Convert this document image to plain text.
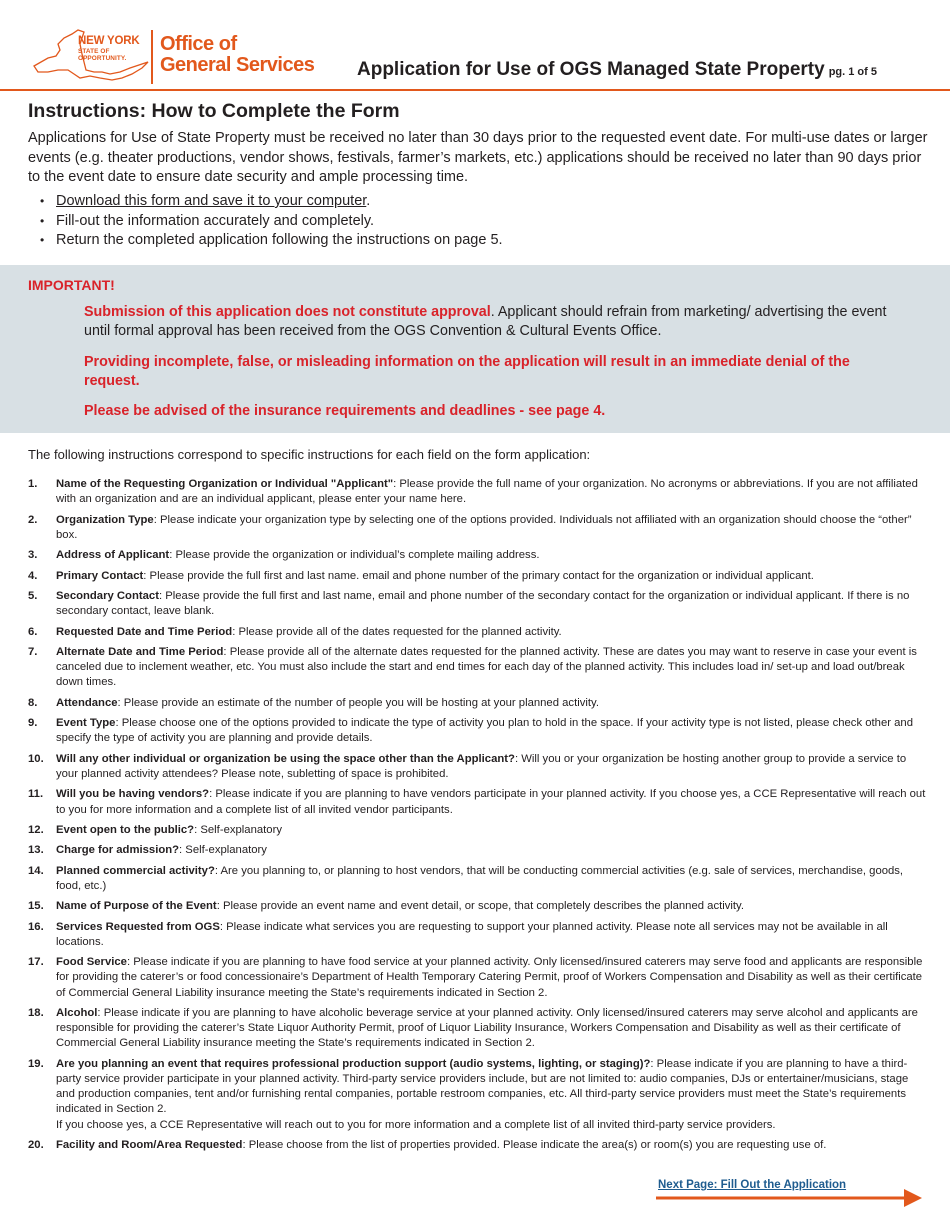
NEW YORK
STATE OF
OPPORTUNITY.
Office of
General Services Application for Use of OGS Managed State Property pg. 1 of 5
Instructions: How to Complete the Form

Applications for Use of State Property must be received no later than 30 days prior to the requested event date. For multi-use dates or larger events (e.g. theater productions, vendor shows, festivals, farmer’s markets, etc.) applications should be received no later than 90 days prior to the event date to ensure date security and ample processing time.

• Download this form and save it to your computer.
• Fill-out the information accurately and completely.
• Return the completed application following the instructions on page 5.

IMPORTANT!

Submission of this application does not constitute approval. Applicant should refrain from marketing/ advertising the event until formal approval has been received from the OGS Convention & Cultural Events Office.

Providing incomplete, false, or misleading information on the application will result in an immediate denial of the request.

Please be advised of the insurance requirements and deadlines - see page 4.

The following instructions correspond to specific instructions for each field on the form application:

1. Name of the Requesting Organization or Individual "Applicant": Please provide the full name of your organization. No acronyms or abbreviations. If you are not affiliated with an organization and are an individual applicant, please enter your name here.
2. Organization Type: Please indicate your organization type by selecting one of the options provided. Individuals not affiliated with an organization should choose the “other” box.
3. Address of Applicant: Please provide the organization or individual’s complete mailing address.
4. Primary Contact: Please provide the full first and last name. email and phone number of the primary contact for the organization or individual applicant.
5. Secondary Contact: Please provide the full first and last name, email and phone number of the secondary contact for the organization or individual applicant. If there is no secondary contact, leave blank.
6. Requested Date and Time Period: Please provide all of the dates requested for the planned activity.
7. Alternate Date and Time Period: Please provide all of the alternate dates requested for the planned activity. These are dates you may want to reserve in case your event is canceled due to inclement weather, etc. You must also include the start and end times for each day of the planned activity. This includes load in/ set-up and load out/break down times.
8. Attendance: Please provide an estimate of the number of people you will be hosting at your planned activity.
9. Event Type: Please choose one of the options provided to indicate the type of activity you plan to hold in the space. If your activity type is not listed, please check other and specify the type of activity you are planning and provide details.
10. Will any other individual or organization be using the space other than the Applicant?: Will you or your organization be hosting another group to provide a service to your planned activity attendees? Please note, subletting of space is prohibited.
11. Will you be having vendors?: Please indicate if you are planning to have vendors participate in your planned activity. If you choose yes, a CCE Representative will reach out to you for more information and a complete list of all invited vendor participants.
12. Event open to the public?: Self-explanatory
13. Charge for admission?: Self-explanatory
14. Planned commercial activity?: Are you planning to, or planning to host vendors, that will be conducting commercial activities (e.g. sale of services, merchandise, goods, food, etc.)
15. Name of Purpose of the Event: Please provide an event name and event detail, or scope, that completely describes the planned activity.
16. Services Requested from OGS: Please indicate what services you are requesting to support your planned activity. Please note all services may not be available in all locations.
17. Food Service: Please indicate if you are planning to have food service at your planned activity. Only licensed/insured caterers may serve food and applicants are responsible for providing the caterer’s or food concessionaire’s Department of Health Temporary Catering Permit, proof of Workers Compensation and Disability as well as their certificate of Commercial General Liability insurance meeting the State’s requirements indicated in Section 2.
18. Alcohol: Please indicate if you are planning to have alcoholic beverage service at your planned activity. Only licensed/insured caterers may serve alcohol and applicants are responsible for providing the caterer’s State Liquor Authority Permit, proof of Liquor Liability Insurance, Workers Compensation and Disability as well as their certificate of Commercial General Liability insurance meeting the State’s requirements indicated in Section 2.
19. Are you planning an event that requires professional production support (audio systems, lighting, or staging)?: Please indicate if you are planning to have a third-party service provider participate in your planned activity. Third-party service providers include, but are not limited to: audio companies, DJs or entertainer/musicians, stage and production companies, tent and/or furnishing rental companies, portable restroom companies, etc. All third-party service providers must meet the State’s requirements indicated in Section 2.
If you choose yes, a CCE Representative will reach out to you for more information and a complete list of all invited third-party service providers.
20. Facility and Room/Area Requested: Please choose from the list of properties provided. Please indicate the area(s) or room(s) you are requesting use of.
Next Page: Fill Out the Application
